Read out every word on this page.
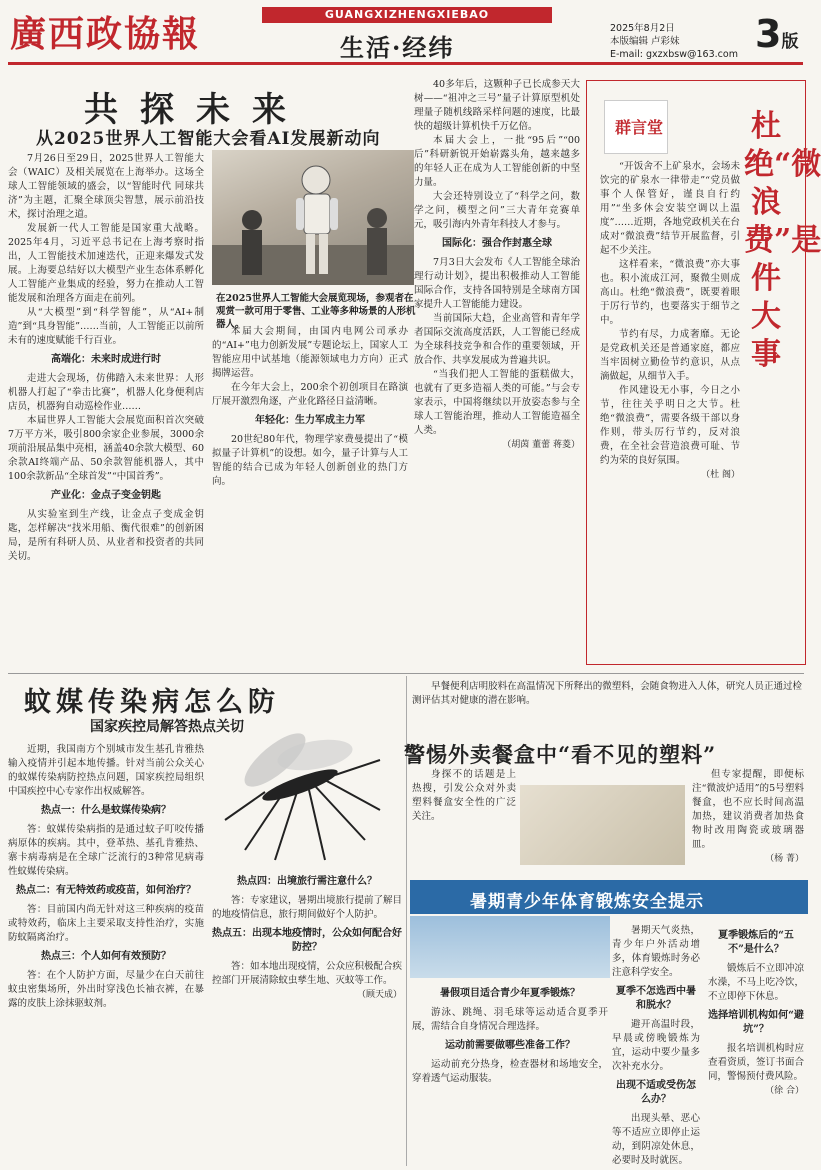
廣西政協報	GUANGXIZHENGXIEBAO
生活·经纬
2025年8月2日
本版编辑 卢彩妹
E-mail: gxzxbsw@163.com 3版
共探未来
从2025世界人工智能大会看AI发展新动向

7月26日至29日，2025世界人工智能大会（WAIC）及相关展览在上海举办。这场全球人工智能领域的盛会，以“智能时代 同球共济”为主题，汇聚全球顶尖智慧，展示前沿技术，探讨治理之道。

发展新一代人工智能是国家重大战略。2025年4月，习近平总书记在上海考察时指出，人工智能技术加速迭代，正迎来爆发式发展。上海要总结好以大模型产业生态体系孵化人工智能产业集成的经验，努力在推动人工智能发展和治理各方面走在前列。

从“大模型”到“科学智能”，从“AI+制造”到“具身智能”……当前，人工智能正以前所未有的速度赋能千行百业。

高端化：未来时成进行时

走进大会现场，仿佛踏入未来世界：人形机器人打起了“拳击比赛”，机器人化身便利店店员，机器狗自动巡检作业……

本届世界人工智能大会展览面积首次突破7万平方米，吸引800余家企业参展，3000余项前沿展品集中亮相，涵盖40余款大模型、60余款AI终端产品、50余款智能机器人，其中100余款新品“全球首发”“中国首秀”。

产业化：金点子变金钥匙

从实验室到生产线，让金点子变成金钥匙，怎样解决“找米用船、衡代很难”的创新困局，是所有科研人员、从业者和投资者的共同关切。

在2025世界人工智能大会展览现场，参观者在观赏一款可用于零售、工业等多种场景的人形机器人。

本届大会期间，由国内电网公司承办的“AI+”电力创新发展”专题论坛上，国家人工智能应用中试基地（能源领域电力方向）正式揭牌运营。

在今年大会上，200余个初创项目在路演厅展开激烈角逐，产业化路径日益清晰。

年轻化：生力军成主力军

20世纪80年代，物理学家费曼提出了“模拟量子计算机”的设想。如今，量子计算与人工智能的结合已成为年轻人创新创业的热门方向。

40多年后，这颗种子已长成参天大树——“祖冲之三号”量子计算原型机处理量子随机线路采样问题的速度，比最快的超级计算机快千万亿倍。

本届大会上，一批“95后”“00后”科研新锐开始崭露头角，越来越多的年轻人正在成为人工智能创新的中坚力量。

大会还特别设立了“科学之问，数学之问，模型之问”三大青年竞赛单元，吸引海内外青年科技人才参与。

国际化：强合作封惠全球

7月3日大会发布《人工智能全球治理行动计划》，提出积极推动人工智能国际合作，支持各国特别是全球南方国家提升人工智能能力建设。

当前国际大趋，企业高管和青年学者国际交流高度活跃，人工智能已经成为全球科技竞争和合作的重要领域，开放合作、共享发展成为普遍共识。

“当我们把人工智能的蛋糕做大，也就有了更多造福人类的可能。”与会专家表示，中国将继续以开放姿态参与全球人工智能治理，推动人工智能造福全人类。

（胡茵 董蕾 蒋菱）

群言堂	杜绝“微浪费”是件大事

“开饭舍不上矿泉水，会场未饮完的矿泉水一律带走”“党员做事个人保管好，谨良自行约用”“坐多休会安装空调以上温度”……近期，各地党政机关在台成对“微浪费”结节开展监督，引起不少关注。

这样看来，“微浪费”亦大事也。积小流成江河，聚微尘则成高山。杜绝“微浪费”，既要着眼于厉行节约，也要落实于细节之中。

节约有尽，力成奢靡。无论是党政机关还是普通家庭，都应当牢固树立勤俭节约意识，从点滴做起，从细节入手。

作风建设无小事，今日之小节，往往关乎明日之大节。杜绝“微浪费”，需要各级干部以身作则，带头厉行节约，反对浪费，在全社会营造浪费可耻、节约为荣的良好氛围。

（杜 阁）

蚊媒传染病怎么防
国家疾控局解答热点关切

近期，我国南方个别城市发生基孔肯雅热输入疫情并引起本地传播。针对当前公众关心的蚊媒传染病防控热点问题，国家疾控局组织中国疾控中心专家作出权威解答。

热点一：什么是蚊媒传染病？

答：蚊媒传染病指的是通过蚊子叮咬传播病原体的疾病。其中，登革热、基孔肯雅热、寨卡病毒病是在全球广泛流行的3种常见病毒性蚊媒传染病。

热点二：有无特效药或疫苗，如何治疗？

答：目前国内尚无针对这三种疾病的疫苗或特效药，临床上主要采取支持性治疗，实施防蚊隔离治疗。

热点三：个人如何有效预防？

答：在个人防护方面，尽量少在白天前往蚊虫密集场所，外出时穿浅色长袖衣裤，在暴露的皮肤上涂抹驱蚊剂。

热点四：出境旅行需注意什么？

答：专家建议，暑期出境旅行提前了解目的地疫情信息，旅行期间做好个人防护。

热点五：出现本地疫情时，公众如何配合好防控？

答：如本地出现疫情，公众应积极配合疾控部门开展清除蚊虫孳生地、灭蚊等工作。

（顾天成）

早餐便利店明胶料在高温情况下所释出的微塑料，会随食物进入人体，研究人员正通过检测评估其对健康的潜在影响。

警惕外卖餐盒中“看不见的塑料”

身探不的话题是上热搜，引发公众对外卖塑料餐盒安全性的广泛关注。

但专家提醒，即便标注“微波炉适用”的5号塑料餐盒，也不应长时间高温加热，建议消费者加热食物时改用陶瓷或玻璃器皿。

（杨 菁）

暑期青少年体育锻炼安全提示

暑假项目适合青少年夏季锻炼？

游泳、跳绳、羽毛球等运动适合夏季开展，需结合自身情况合理选择。

运动前需要做哪些准备工作？

运动前充分热身，检查器材和场地安全，穿着透气运动服装。

暑期天气炎热，青少年户外活动增多，体育锻炼时务必注意科学安全。

夏季不怎选西中暑和脱水？

避开高温时段，早晨或傍晚锻炼为宜，运动中要少量多次补充水分。

出现不适或受伤怎么办？

出现头晕、恶心等不适应立即停止运动，到阴凉处休息，必要时及时就医。

夏季锻炼后的“五不”是什么？

锻炼后不立即冲凉水澡，不马上吃冷饮，不立即停下休息。

选择培训机构如何“避坑”？

报名培训机构时应查看资质，签订书面合同，警惕预付费风险。

（徐 合）
